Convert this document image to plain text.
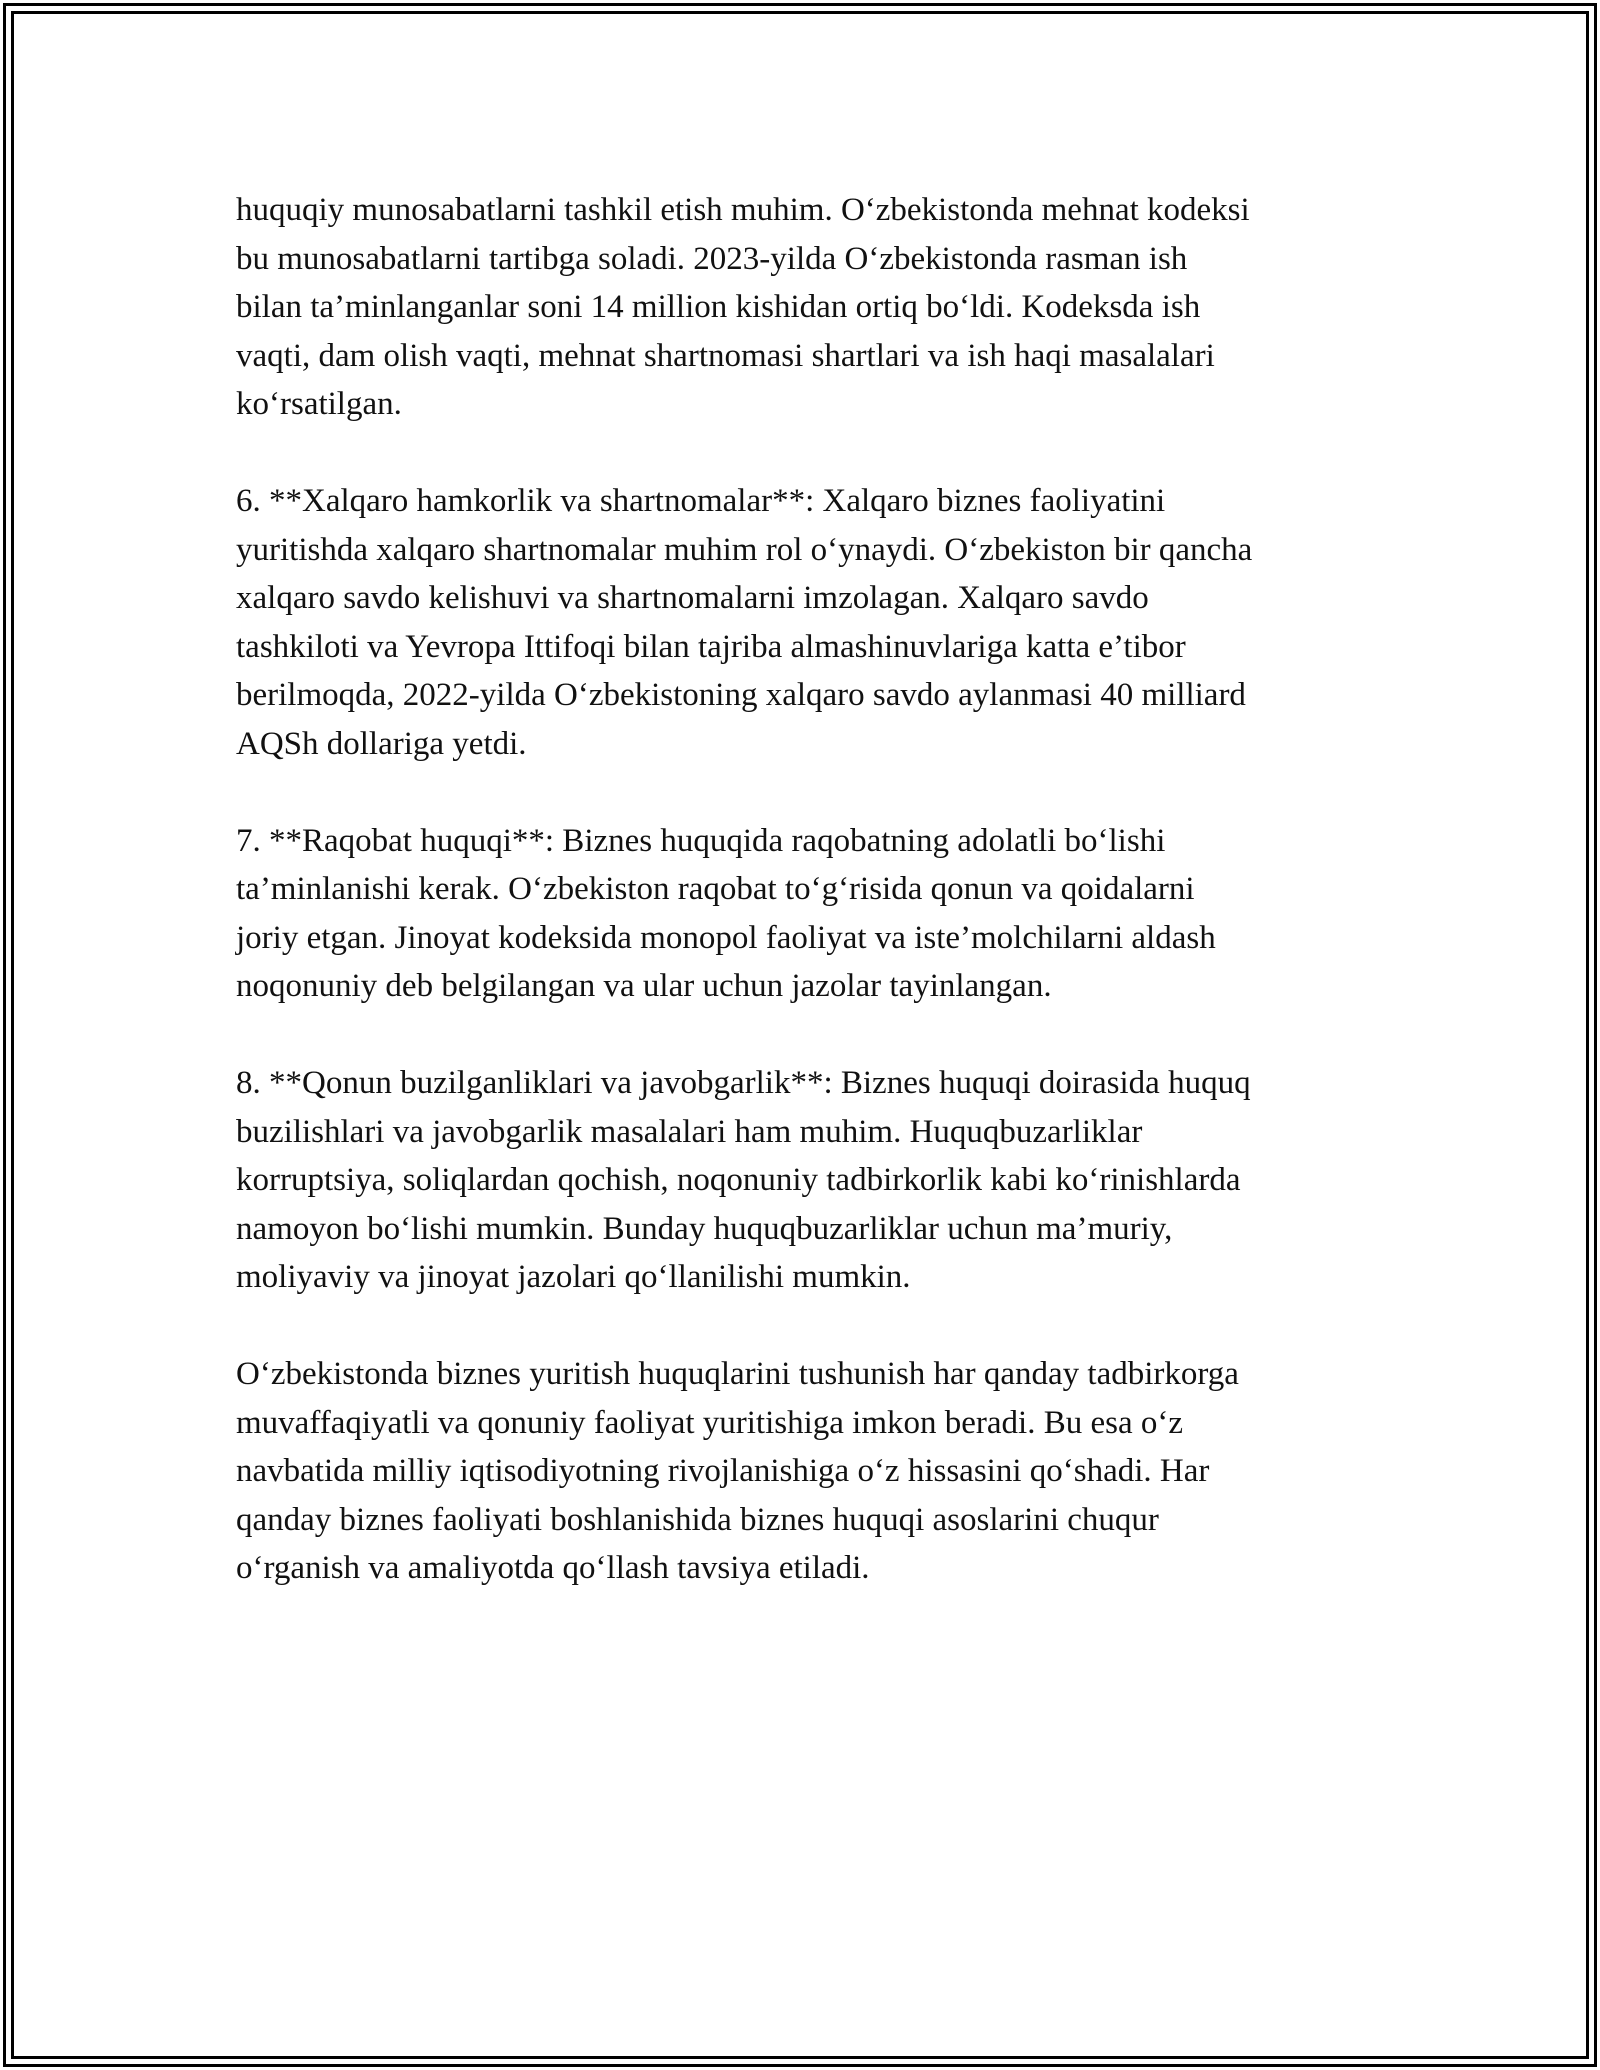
huquqiy munosabatlarni tashkil etish muhim. O‘zbekistonda mehnat kodeksi
bu munosabatlarni tartibga soladi. 2023-yilda O‘zbekistonda rasman ish
bilan ta’minlanganlar soni 14 million kishidan ortiq bo‘ldi. Kodeksda ish
vaqti, dam olish vaqti, mehnat shartnomasi shartlari va ish haqi masalalari
ko‘rsatilgan.

6. **Xalqaro hamkorlik va shartnomalar**: Xalqaro biznes faoliyatini
yuritishda xalqaro shartnomalar muhim rol o‘ynaydi. O‘zbekiston bir qancha
xalqaro savdo kelishuvi va shartnomalarni imzolagan. Xalqaro savdo
tashkiloti va Yevropa Ittifoqi bilan tajriba almashinuvlariga katta e’tibor
berilmoqda, 2022-yilda O‘zbekistoning xalqaro savdo aylanmasi 40 milliard
AQSh dollariga yetdi.

7. **Raqobat huquqi**: Biznes huquqida raqobatning adolatli bo‘lishi
ta’minlanishi kerak. O‘zbekiston raqobat to‘g‘risida qonun va qoidalarni
joriy etgan. Jinoyat kodeksida monopol faoliyat va iste’molchilarni aldash
noqonuniy deb belgilangan va ular uchun jazolar tayinlangan.

8. **Qonun buzilganliklari va javobgarlik**: Biznes huquqi doirasida huquq
buzilishlari va javobgarlik masalalari ham muhim. Huquqbuzarliklar
korruptsiya, soliqlardan qochish, noqonuniy tadbirkorlik kabi ko‘rinishlarda
namoyon bo‘lishi mumkin. Bunday huquqbuzarliklar uchun ma’muriy,
moliyaviy va jinoyat jazolari qo‘llanilishi mumkin.

O‘zbekistonda biznes yuritish huquqlarini tushunish har qanday tadbirkorga
muvaffaqiyatli va qonuniy faoliyat yuritishiga imkon beradi. Bu esa o‘z
navbatida milliy iqtisodiyotning rivojlanishiga o‘z hissasini qo‘shadi. Har
qanday biznes faoliyati boshlanishida biznes huquqi asoslarini chuqur
o‘rganish va amaliyotda qo‘llash tavsiya etiladi.
